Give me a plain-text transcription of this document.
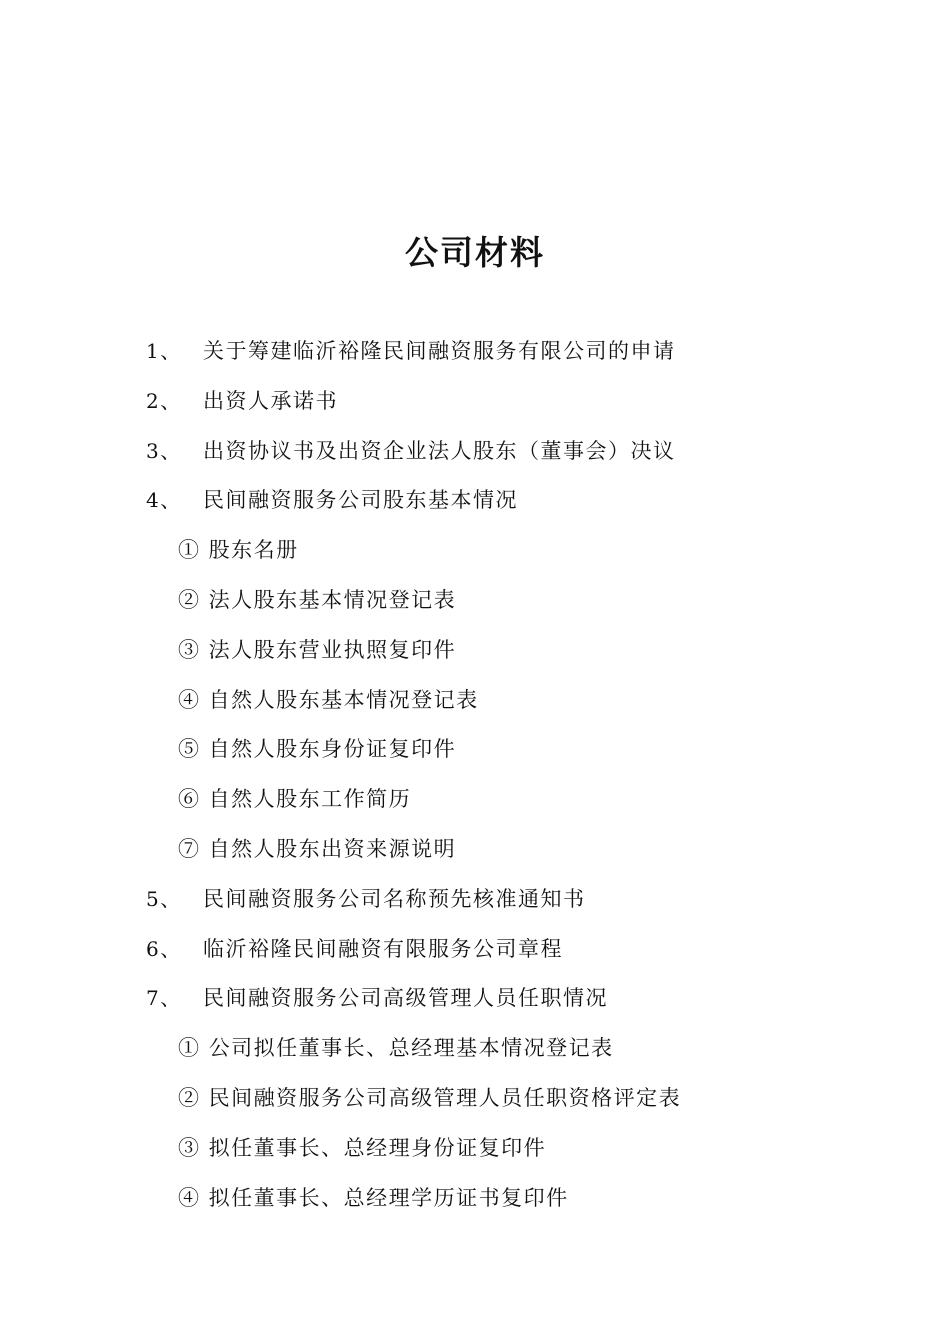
公司材料
1、 关于筹建临沂裕隆民间融资服务有限公司的申请
2、 出资人承诺书
3、 出资协议书及出资企业法人股东（董事会）决议
4、 民间融资服务公司股东基本情况
① 股东名册
② 法人股东基本情况登记表
③ 法人股东营业执照复印件
④ 自然人股东基本情况登记表
⑤ 自然人股东身份证复印件
⑥ 自然人股东工作简历
⑦ 自然人股东出资来源说明
5、 民间融资服务公司名称预先核准通知书
6、 临沂裕隆民间融资有限服务公司章程
7、 民间融资服务公司高级管理人员任职情况
① 公司拟任董事长、总经理基本情况登记表
② 民间融资服务公司高级管理人员任职资格评定表
③ 拟任董事长、总经理身份证复印件
④ 拟任董事长、总经理学历证书复印件
